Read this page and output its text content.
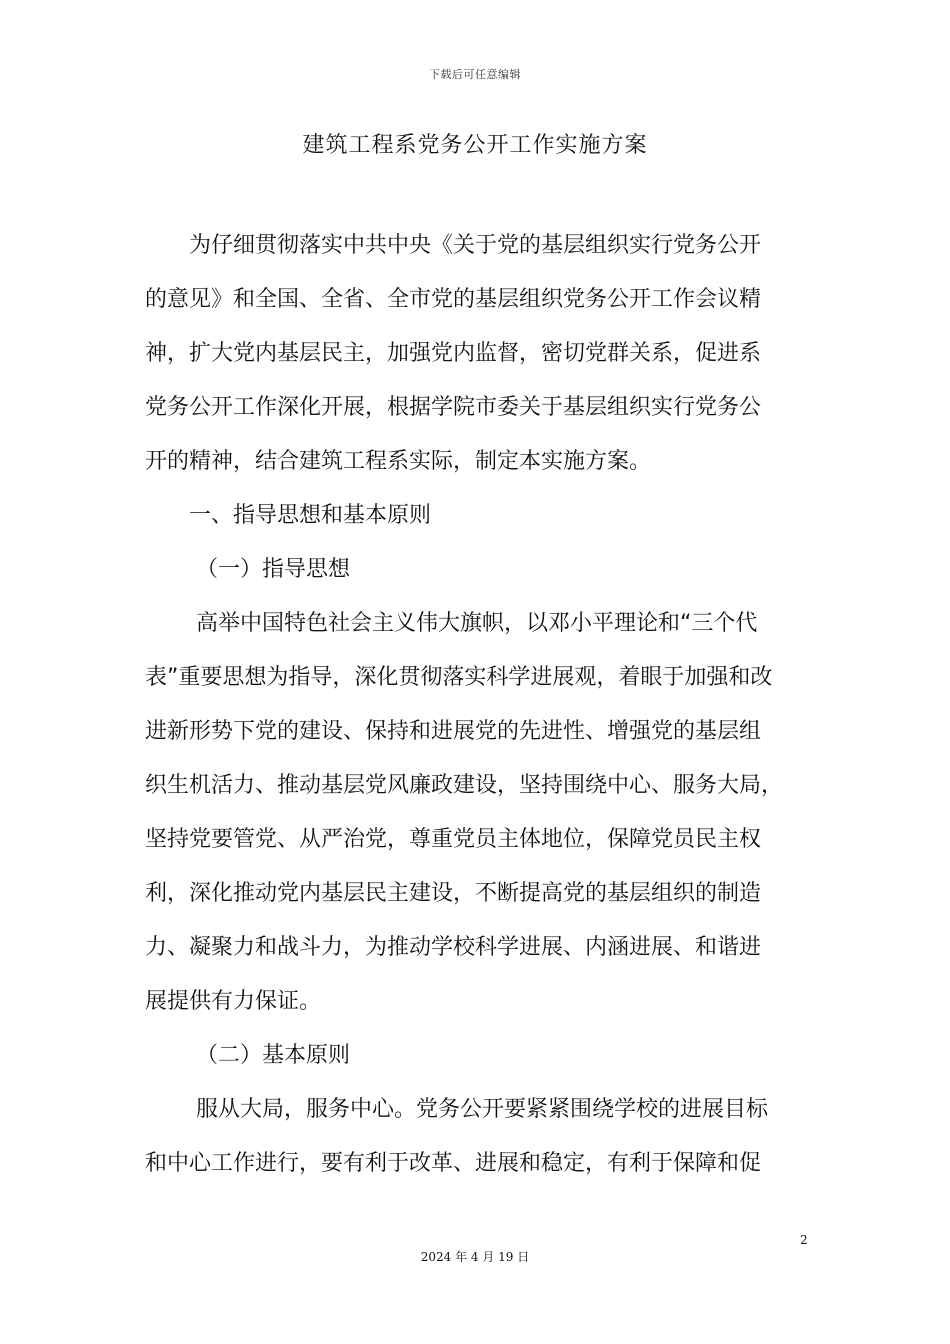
下载后可任意编辑
建筑工程系党务公开工作实施方案
　　为仔细贯彻落实中共中央《关于党的基层组织实行党务公开
的意见》和全国、全省、全市党的基层组织党务公开工作会议精
神，扩大党内基层民主，加强党内监督，密切党群关系，促进系
党务公开工作深化开展，根据学院市委关于基层组织实行党务公
开的精神，结合建筑工程系实际，制定本实施方案。
　　一、指导思想和基本原则
　　 （一）指导思想
　　 高举中国特色社会主义伟大旗帜，以邓小平理论和“三个代
表”重要思想为指导，深化贯彻落实科学进展观，着眼于加强和改
进新形势下党的建设、保持和进展党的先进性、增强党的基层组
织生机活力、推动基层党风廉政建设，坚持围绕中心、服务大局，
坚持党要管党、从严治党，尊重党员主体地位，保障党员民主权
利，深化推动党内基层民主建设，不断提高党的基层组织的制造
力、凝聚力和战斗力，为推动学校科学进展、内涵进展、和谐进
展提供有力保证。
　　 （二）基本原则
　　 服从大局，服务中心。党务公开要紧紧围绕学校的进展目标
和中心工作进行，要有利于改革、进展和稳定，有利于保障和促
2
2024 年 4 月 19 日
